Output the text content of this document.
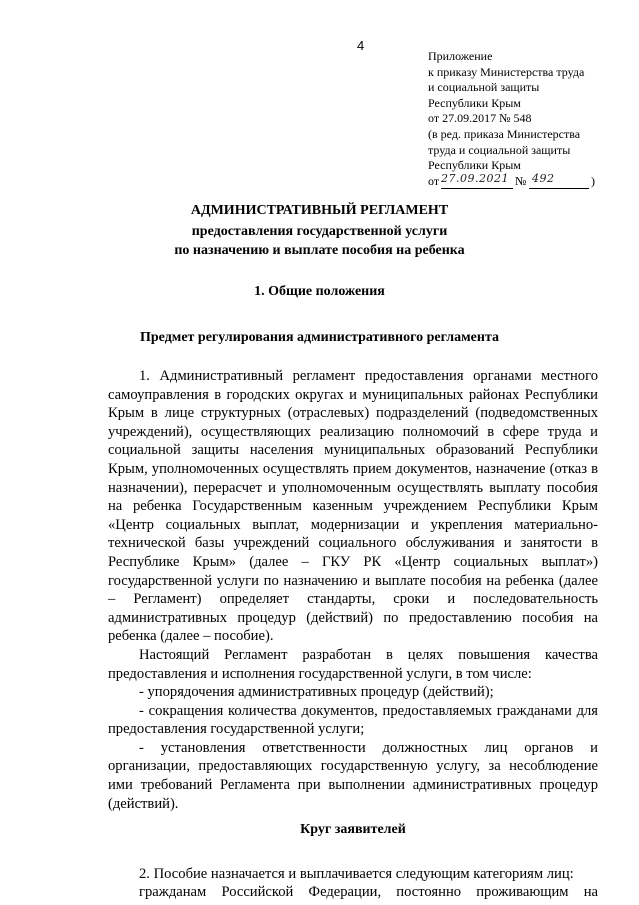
4
Приложение
к приказу Министерства труда
и социальной защиты
Республики Крым
от 27.09.2017 № 548
(в ред. приказа Министерства
труда и социальной защиты
Республики Крым
от 27.09.2021 № 492	)
АДМИНИСТРАТИВНЫЙ РЕГЛАМЕНТ
предоставления государственной услуги
по назначению и выплате пособия на ребенка
1. Общие положения
Предмет регулирования административного регламента

1. Административный регламент предоставления органами местного самоуправления в городских округах и муниципальных районах Республики Крым в лице структурных (отраслевых) подразделений (подведомственных учреждений), осуществляющих реализацию полномочий в сфере труда и социальной защиты населения муниципальных образований Республики Крым, уполномоченных осуществлять прием документов, назначение (отказ в назначении), перерасчет и уполномоченным осуществлять выплату пособия на ребенка Государственным казенным учреждением Республики Крым «Центр социальных выплат, модернизации и укрепления материально-технической базы учреждений социального обслуживания и занятости в Республике Крым» (далее – ГКУ РК «Центр социальных выплат») государственной услуги по назначению и выплате пособия на ребенка (далее – Регламент) определяет стандарты, сроки и последовательность административных процедур (действий) по предоставлению пособия на ребенка (далее – пособие).

Настоящий Регламент разработан в целях повышения качества предоставления и исполнения государственной услуги, в том числе:

- упорядочения административных процедур (действий);

- сокращения количества документов, предоставляемых гражданами для предоставления государственной услуги;

- установления ответственности должностных лиц органов и организации, предоставляющих государственную услугу, за несоблюдение ими требований Регламента при выполнении административных процедур (действий).

Круг заявителей

2. Пособие назначается и выплачивается следующим категориям лиц:

гражданам Российской Федерации, постоянно проживающим на
